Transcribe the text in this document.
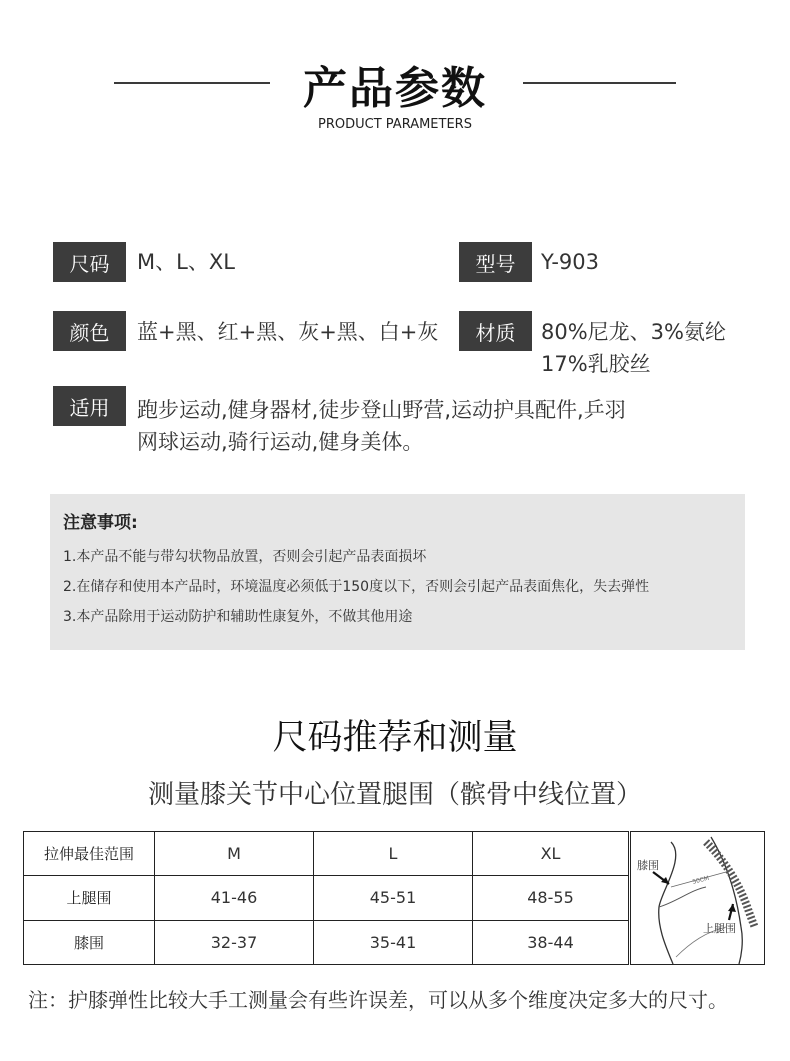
产品参数
PRODUCT PARAMETERS
尺码	M、L、XL	型号	Y-903
颜色	蓝+黑、红+黑、灰+黑、白+灰	材质	80%尼龙、3%氨纶
17%乳胶丝
适用	跑步运动,健身器材,徒步登山野营,运动护具配件,乒羽
网球运动,骑行运动,健身美体。
注意事项:
1.本产品不能与带勾状物品放置，否则会引起产品表面损坏
2.在储存和使用本产品时，环境温度必须低于150度以下，否则会引起产品表面焦化，失去弹性
3.本产品除用于运动防护和辅助性康复外，不做其他用途
尺码推荐和测量
测量膝关节中心位置腿围（髌骨中线位置）
拉伸最佳范围	M	L	XL
上腿围	41-46	45-51	48-55
膝围	32-37	35-41	38-44
50CM
膝围
上腿围
注：护膝弹性比较大手工测量会有些许误差，可以从多个维度决定多大的尺寸。
